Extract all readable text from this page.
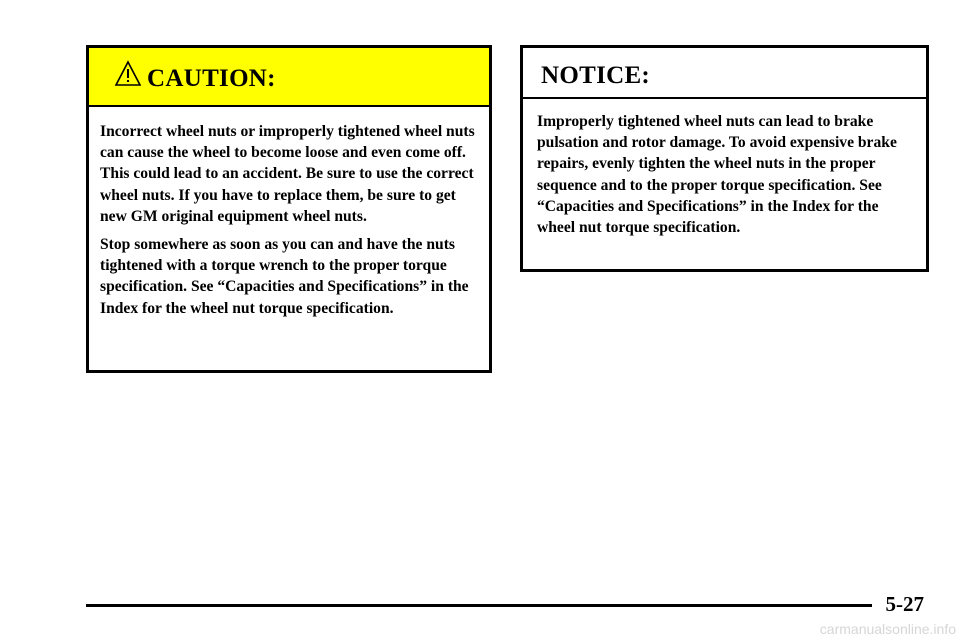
CAUTION:

Incorrect wheel nuts or improperly tightened wheel nuts can cause the wheel to become loose and even come off. This could lead to an accident. Be sure to use the correct wheel nuts. If you have to replace them, be sure to get new GM original equipment wheel nuts.

Stop somewhere as soon as you can and have the nuts tightened with a torque wrench to the proper torque specification. See “Capacities and Specifications” in the Index for the wheel nut torque specification.

NOTICE:

Improperly tightened wheel nuts can lead to brake pulsation and rotor damage. To avoid expensive brake repairs, evenly tighten the wheel nuts in the proper sequence and to the proper torque specification. See “Capacities and Specifications” in the Index for the wheel nut torque specification.

5-27
carmanualsonline.info
